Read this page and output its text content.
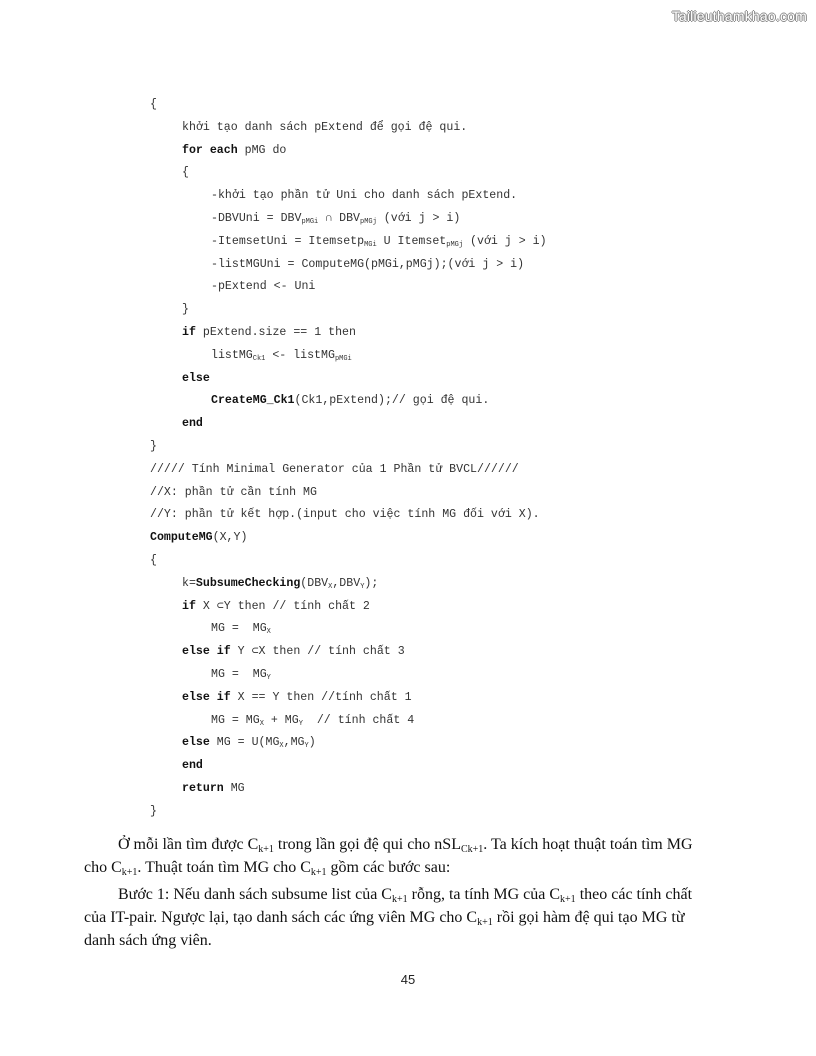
Tailieuthamkhao.com
{
khởi tạo danh sách pExtend để gọi đệ qui.
for each pMG do
{
-khởi tạo phần tử Uni cho danh sách pExtend.
-DBVUni = $DBV_{pMGi}$ ∩ $DBV_{pMGj}$ (với j > i)
-ItemsetUni = Itemsetp$_{MGi}$ U Itemset$_{pMGj}$ (với j > i)
-listMGUni = ComputeMG(pMGi,pMGj);(với j > i)
-pExtend <- Uni
}
if pExtend.size == 1 then
listMG$_{Ck1}$ <- listMG$_{pMGi}$
else
CreateMG_Ck1(Ck1,pExtend);// gọi đệ qui.
end
}
///// Tính Minimal Generator của 1 Phần tử BVCL//////
//X: phần tử cần tính MG
//Y: phần tử kết hợp.(input cho việc tính MG đối với X).
ComputeMG(X,Y)
{
$k=SubsumeChecking(DBV_X,DBV_Y)$;
if X ⊂Y then // tính chất 2
MG =  $MG_X$
else if Y ⊂X then // tính chất 3
MG =  $MG_Y$
else if X == Y then //tính chất 1
MG = $MG_X + MG_Y$  // tính chất 4
else MG = $U(MG_X,MG_Y)$
end
return MG
}

Ở mỗi lần tìm được $C_{k+1}$ trong lần gọi đệ qui cho nSL$_{Ck+1}$. Ta kích hoạt thuật toán tìm MG cho $C_{k+1}$. Thuật toán tìm MG cho $C_{k+1}$ gồm các bước sau:

Bước 1: Nếu danh sách subsume list của $C_{k+1}$ rỗng, ta tính MG của $C_{k+1}$ theo các tính chất của IT-pair. Ngược lại, tạo danh sách các ứng viên MG cho $C_{k+1}$ rồi gọi hàm đệ qui tạo MG từ danh sách ứng viên.

45
